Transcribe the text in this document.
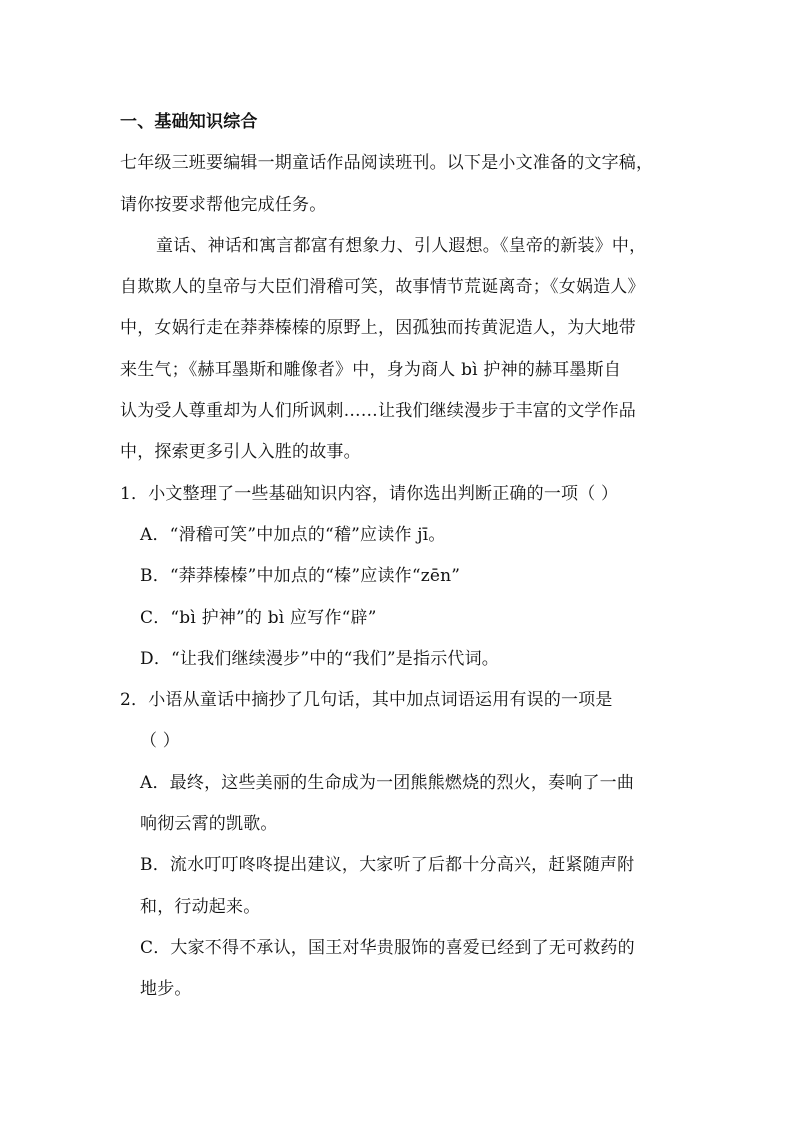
一、基础知识综合
七年级三班要编辑一期童话作品阅读班刊。以下是小文准备的文字稿，
请你按要求帮他完成任务。
童话、神话和寓言都富有想象力、引人遐想。《皇帝的新装》中，
自欺欺人的皇帝与大臣们滑稽可笑，故事情节荒诞离奇；《女娲造人》
中，女娲行走在莽莽榛榛的原野上，因孤独而抟黄泥造人，为大地带
来生气；《赫耳墨斯和雕像者》中，身为商人 bì 护神的赫耳墨斯自
认为受人尊重却为人们所讽刺……让我们继续漫步于丰富的文学作品
中，探索更多引人入胜的故事。
1．小文整理了一些基础知识内容，请你选出判断正确的一项（ ）
A．“滑稽可笑”中加点的“稽”应读作 jī。
B．“莽莽榛榛”中加点的“榛”应读作“zēn”
C．“bì 护神”的 bì 应写作“辟”
D．“让我们继续漫步”中的“我们”是指示代词。
2．小语从童话中摘抄了几句话，其中加点词语运用有误的一项是
（ ）
A．最终，这些美丽的生命成为一团熊熊燃烧的烈火，奏响了一曲
响彻云霄的凯歌。
B．流水叮叮咚咚提出建议，大家听了后都十分高兴，赶紧随声附
和，行动起来。
C．大家不得不承认，国王对华贵服饰的喜爱已经到了无可救药的
地步。
